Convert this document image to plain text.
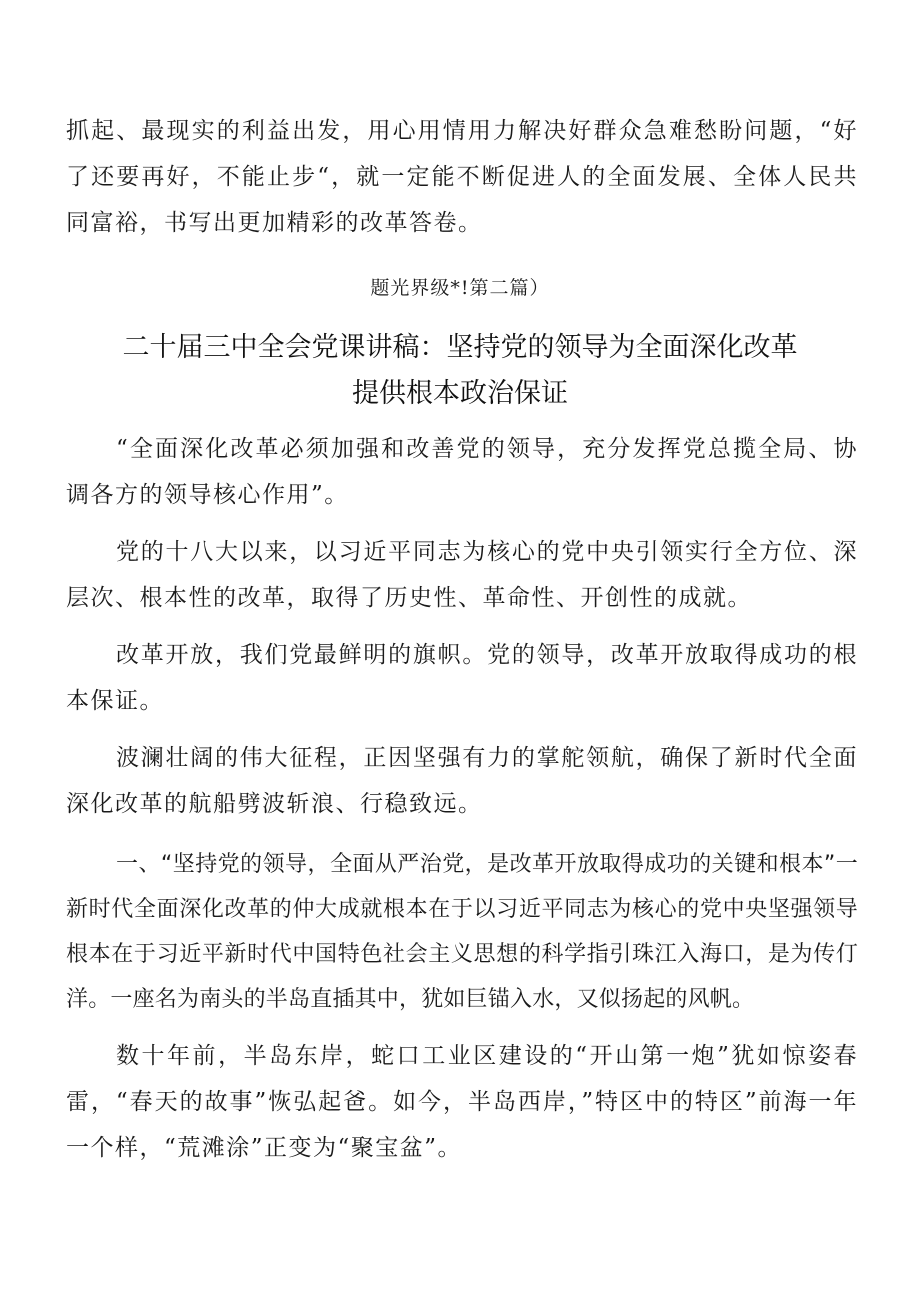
抓起、最现实的利益出发，用心用情用力解决好群众急难愁盼问题，“好了还要再好，不能止步“，就一定能不断促进人的全面发展、全体人民共同富裕，书写出更加精彩的改革答卷。

题光界级*!第二篇）
二十届三中全会党课讲稿：坚持党的领导为全面深化改革
提供根本政治保证

“全面深化改革必须加强和改善党的领导，充分发挥党总揽全局、协调各方的领导核心作用”。

党的十八大以来，以习近平同志为核心的党中央引领实行全方位、深层次、根本性的改革，取得了历史性、革命性、开创性的成就。

改革开放，我们党最鲜明的旗帜。党的领导，改革开放取得成功的根本保证。

波澜壮阔的伟大征程，正因坚强有力的掌舵领航，确保了新时代全面深化改革的航船劈波斩浪、行稳致远。

一、“坚持党的领导，全面从严治党，是改革开放取得成功的关键和根本”一新时代全面深化改革的仲大成就根本在于以习近平同志为核心的党中央坚强领导 根本在于习近平新时代中国特色社会主义思想的科学指引珠江入海口，是为传仃洋。一座名为南头的半岛直插其中，犹如巨锚入水，又似扬起的风帆。

数十年前，半岛东岸，蛇口工业区建设的“开山第一炮”犹如惊姿春雷，“春天的故事”恢弘起爸。如今，半岛西岸，”特区中的特区”前海一年一个样，“荒滩涂”正变为“聚宝盆”。
